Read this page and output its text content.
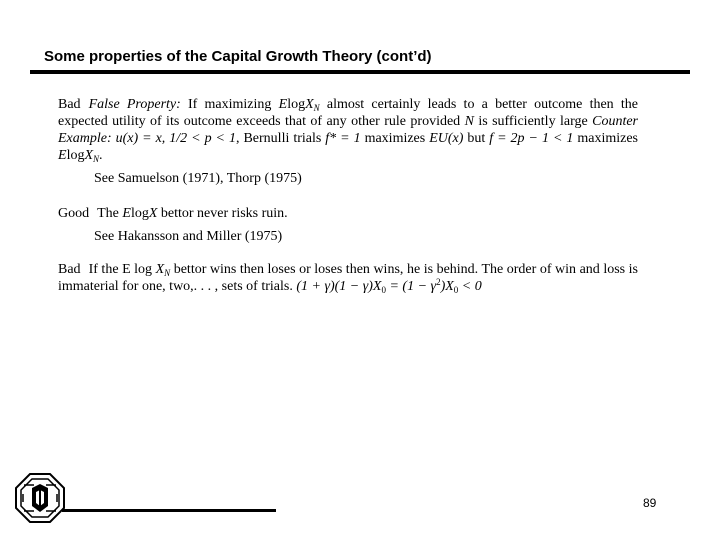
Some properties of the Capital Growth Theory (cont’d)
Bad False Property: If maximizing ElogX$_N$ almost certainly leads to a better outcome then the expected utility of its outcome exceeds that of any other rule provided N is sufficiently large Counter Example: u(x) = x, 1/2 < p < 1, Bernulli trials f* = 1 maximizes EU(x) but f = 2p − 1 < 1 maximizes ElogX$_N$.
See Samuelson (1971), Thorp (1975)
Good The ElogX bettor never risks ruin.
See Hakansson and Miller (1975)
Bad If the E $\log X_N$ bettor wins then loses or loses then wins, he is behind. The order of win and loss is immaterial for one, two,. . . , sets of trials. $(1 + \gamma)(1 - \gamma)X_0 = (1 - \gamma^2)X_0 < 0$
89
